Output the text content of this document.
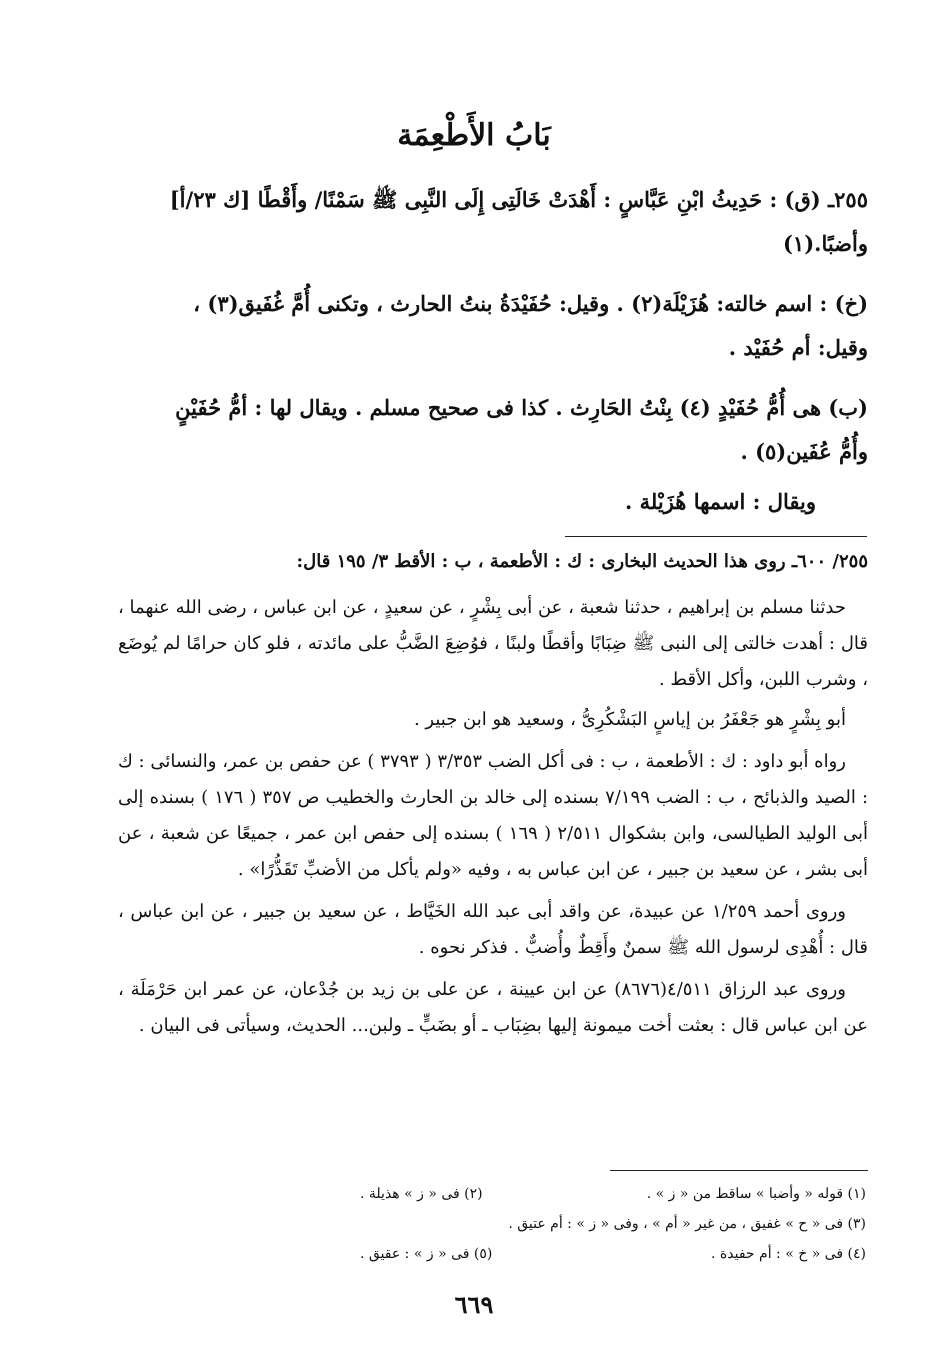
بَابُ الأَطْعِمَة

٢٥٥ـ (ق) : حَدِيثُ ابْنِ عَبَّاسٍ : أَهْدَتْ خَالَتِى إِلَى النَّبِى ﷺ سَمْنًا/ وأَقْطًا [ك ٢٣/أ]

وأضبًا.(١)

(خ) : اسم خالته: هُزَيْلَة(٢) . وقيل: حُفَيْدَةُ بنتُ الحارث ، وتكنى أُمَّ غُفَيق(٣) ،

وقيل: أم حُفَيْد .

(ب) هى أُمُّ حُفَيْدٍ (٤) بِنْتُ الحَارِث . كذا فى صحيح مسلم . ويقال لها : أمُّ حُفَيْنٍ

وأُمُّ عُفَين(٥) .

ويقال : اسمها هُزَيْلة .

٢٥٥/ ٦٠٠ـ روى هذا الحديث البخارى : ك : الأطعمة ، ب : الأقط ٣/ ١٩٥ قال:

حدثنا مسلم بن إبراهيم ، حدثنا شعبة ، عن أبى بِشْرٍ ، عن سعيدٍ ، عن ابن عباس ، رضى الله عنهما ، قال : أهدت خالتى إلى النبى ﷺ ضِبَابًا وأقطًا ولبنًا ، فوُضِعَ الضَّبُّ على مائدته ، فلو كان حرامًا لم يُوضَع ، وشرب اللبن، وأكل الأقط .

أبو بِشْرٍ هو جَعْفَرُ بن إياسٍ البَشْكُرِىُّ ، وسعيد هو ابن جبير .

رواه أبو داود : ك : الأطعمة ، ب : فى أكل الضب ٣/٣٥٣ ( ٣٧٩٣ ) عن حفص بن عمر، والنسائى : ك : الصيد والذبائح ، ب : الضب ٧/١٩٩ بسنده إلى خالد بن الحارث والخطيب ص ٣٥٧ ( ١٧٦ ) بسنده إلى أبى الوليد الطيالسى، وابن بشكوال ٢/٥١١ ( ١٦٩ ) بسنده إلى حفص ابن عمر ، جميعًا عن شعبة ، عن أبى بشر ، عن سعيد بن جبير ، عن ابن عباس به ، وفيه «ولم يأكل من الأضبِّ تَقَذُّرًا» .

وروى أحمد ١/٢٥٩ عن عبيدة، عن واقد أبى عبد الله الخَيَّاط ، عن سعيد بن جبير ، عن ابن عباس ، قال : أُهْدِى لرسول الله ﷺ سمنٌ وأَقِطٌ وأُضبٌّ . فذكر نحوه .

وروى عبد الرزاق ٤/٥١١(٨٦٧٦) عن ابن عيينة ، عن على بن زيد بن جُدْعان، عن عمر ابن حَرْمَلَة ، عن ابن عباس قال : بعثت أخت ميمونة إليها بضِبَاب ـ أو بضَبٍّ ـ ولبن... الحديث، وسيأتى فى البيان .

(١) قوله « وأضبا » ساقط من « ز » .
(٢) فى « ز » هذيلة .
(٣) فى « ح » غفيق ، من غير « أم » ، وفى « ز » : أم عتيق .
(٤) فى « خ » : أم حفيدة .
(٥) فى « ز » : عقيق .
٦٦٩
